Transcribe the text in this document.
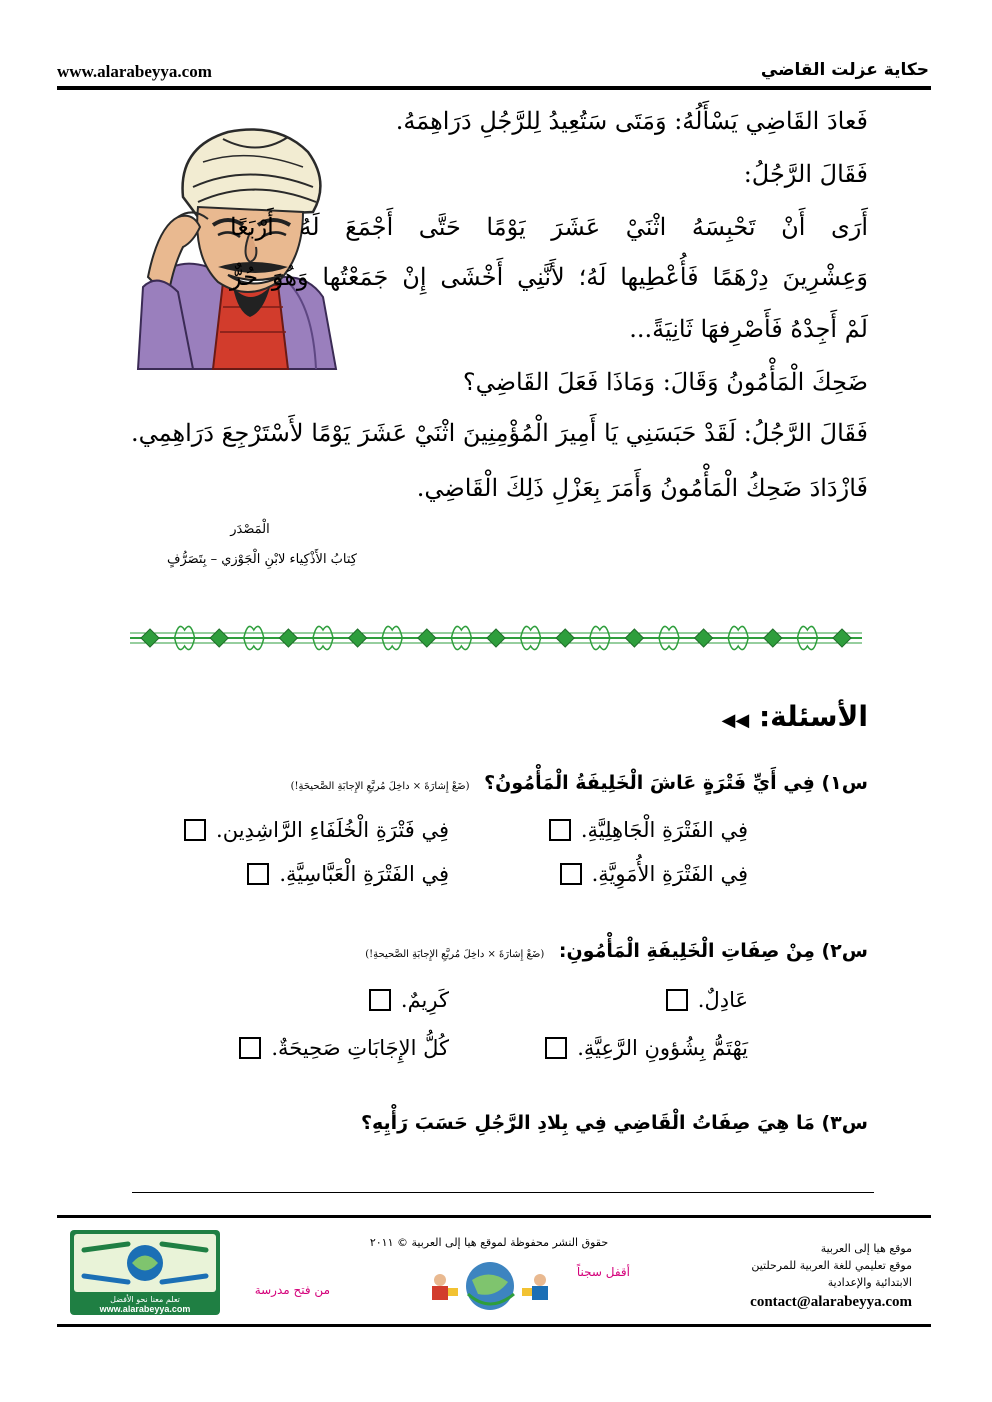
www.alarabeyya.com	حكاية عزلت القاضي
فَعادَ القَاضِي يَسْأَلُهُ: وَمَتَى سَتُعِيدُ لِلرَّجُلِ دَرَاهِمَهُ.
فَقَالَ الرَّجُلُ:
أَرَى أَنْ تَحْبِسَهُ اثْنَيْ عَشَرَ يَوْمًا حَتَّى أَجْمَعَ لَهُ أَرْبَعًا
وَعِشْرِينَ دِرْهَمًا فَأُعْطِيها لَهُ؛ لأَنَّنِي أَخْشَى إِنْ جَمَعْتُها وَهُوَ حُرٌّ
لَمْ أَجِدْهُ فَأَصْرِفهَا ثَانِيَةً...
ضَحِكَ الْمَأْمُونُ وَقَالَ: وَمَاذَا فَعَلَ القَاضِي؟
فَقَالَ الرَّجُلُ: لَقَدْ حَبَسَنِي يَا أَمِيرَ الْمُؤْمِنِينَ اثْنَيْ عَشَرَ يَوْمًا لأَسْتَرْجِعَ دَرَاهِمِي.
فَازْدَادَ ضَحِكُ الْمَأْمُونُ وَأَمَرَ بِعَزْلِ ذَلِكَ الْقَاضِي.
الْمَصْدَر
كِتابُ الأَذْكِياء لابْنِ الْجَوْزي – بِتَصَرُّفٍ
الأسئلة: ◀◀
س١) فِي أَيِّ فَتْرَةٍ عَاشَ الْخَلِيفَةُ الْمَأْمُونُ؟ (ضَعْ إِشارَةَ × داخِلَ مُربَّعِ الإِجابَةِ الصَّحيحَةِ!)
فِي الفَتْرَةِ الْجَاهِلِيَّةِ.
فِي فَتْرَةِ الْخُلَفَاءِ الرَّاشِدِين.
فِي الفَتْرَةِ الأُمَوِيَّةِ.
فِي الفَتْرَةِ الْعَبَّاسِيَّةِ.
س٢) مِنْ صِفَاتِ الْخَلِيفَةِ الْمَأْمُونِ: (ضَعْ إِشارَةَ × داخِلَ مُربَّعِ الإِجابَةِ الصَّحيحةِ!)
عَادِلٌ.
كَرِيمٌ.
يَهْتَمُّ بِشُؤونِ الرَّعِيَّةِ.
كُلُّ الإِجَابَاتِ صَحِيحَةٌ.
س٣) مَا هِيَ صِفَاتُ الْقَاضِي فِي بِلادِ الرَّجُلِ حَسَبَ رَأْيِهِ؟
تعلم معنا نحو الأفضل
www.alarabeyya.com
حقوق النشر محفوظة لموقع هيا إلى العربية © ٢٠١١
من فتح مدرسة
أقفل سجناً
موقع هيا إلى العربية
موقع تعليمي للغة العربية للمرحلتين
الابتدائية والإعدادية
contact@alarabeyya.com
